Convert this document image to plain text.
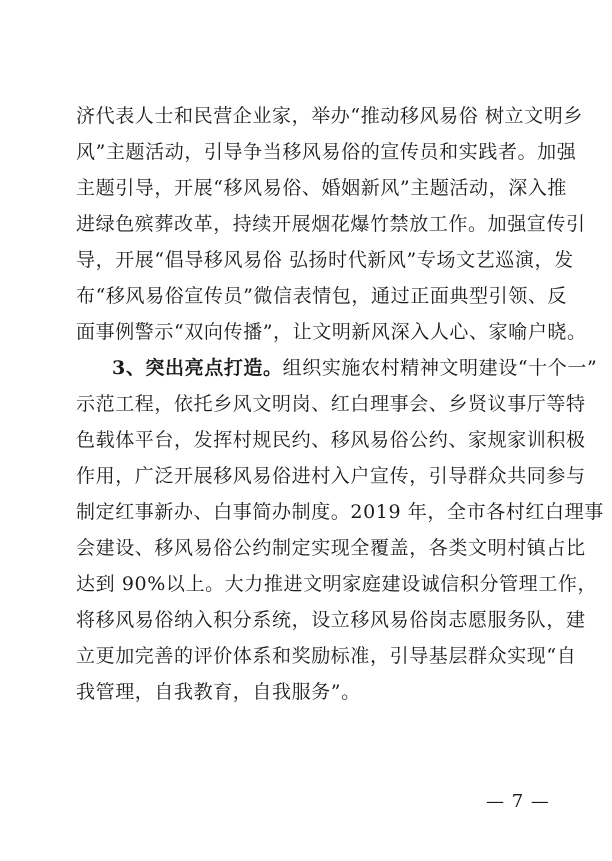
济代表人士和民营企业家，举办“推动移风易俗 树立文明乡
风”主题活动，引导争当移风易俗的宣传员和实践者。加强
主题引导，开展“移风易俗、婚姻新风”主题活动，深入推
进绿色殡葬改革，持续开展烟花爆竹禁放工作。加强宣传引
导，开展“倡导移风易俗 弘扬时代新风”专场文艺巡演，发
布“移风易俗宣传员”微信表情包，通过正面典型引领、反
面事例警示“双向传播”，让文明新风深入人心、家喻户晓。
3、突出亮点打造。组织实施农村精神文明建设“十个一”
示范工程，依托乡风文明岗、红白理事会、乡贤议事厅等特
色载体平台，发挥村规民约、移风易俗公约、家规家训积极
作用，广泛开展移风易俗进村入户宣传，引导群众共同参与
制定红事新办、白事简办制度。2019 年，全市各村红白理事
会建设、移风易俗公约制定实现全覆盖，各类文明村镇占比
达到 90%以上。大力推进文明家庭建设诚信积分管理工作，
将移风易俗纳入积分系统，设立移风易俗岗志愿服务队，建
立更加完善的评价体系和奖励标准，引导基层群众实现“自
我管理，自我教育，自我服务”。
— 7 —
